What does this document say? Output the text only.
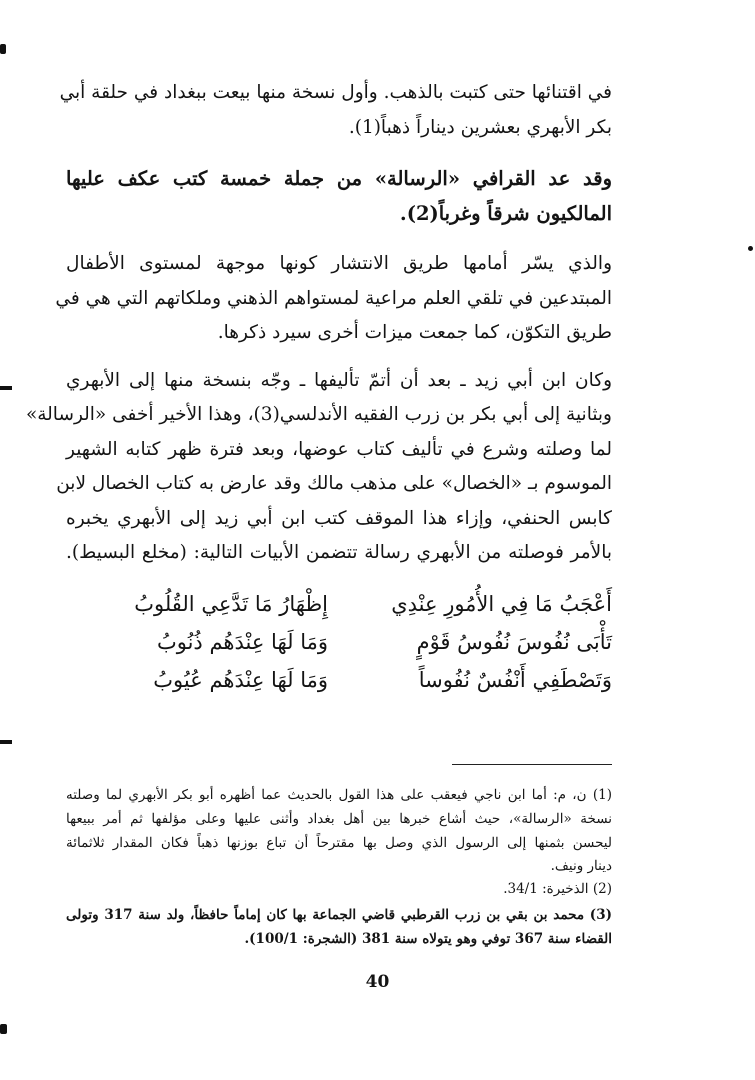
في اقتنائها حتى كتبت بالذهب. وأول نسخة منها بيعت ببغداد في حلقة أبي
بكر الأبهري بعشرين ديناراً ذهباً(1).
وقد عد القرافي «الرسالة» من جملة خمسة كتب عكف عليها
المالكيون شرقاً وغرباً(2).
والذي يسّر أمامها طريق الانتشار كونها موجهة لمستوى الأطفال
المبتدعين في تلقي العلم مراعية لمستواهم الذهني وملكاتهم التي هي في
طريق التكوّن، كما جمعت ميزات أخرى سيرد ذكرها.
وكان ابن أبي زيد ـ بعد أن أتمّ تأليفها ـ وجّه بنسخة منها إلى الأبهري
وبثانية إلى أبي بكر بن زرب الفقيه الأندلسي(3)، وهذا الأخير أخفى «الرسالة»
لما وصلته وشرع في تأليف كتاب عوضها، وبعد فترة ظهر كتابه الشهير
الموسوم بـ «الخصال» على مذهب مالك وقد عارض به كتاب الخصال لابن
كابس الحنفي، وإزاء هذا الموقف كتب ابن أبي زيد إلى الأبهري يخبره
بالأمر فوصلته من الأبهري رسالة تتضمن الأبيات التالية: (مخلع البسيط).
أَعْجَبُ مَا فِي الأُمُورِ عِنْدِي
إِظْهَارُ مَا تَدَّعِي القُلُوبُ
تَأْبَى نُفُوسَ نُفُوسُ قَوْمٍ
وَمَا لَهَا عِنْدَهُم ذُنُوبُ
وَتَصْطَفِي أَنْفُسٌ نُفُوساً
وَمَا لَهَا عِنْدَهُم عُيُوبُ
(1) ن، م: أما ابن ناجي فيعقب على هذا القول بالحديث عما أظهره أبو بكر الأبهري لما وصلته
نسخة «الرسالة»، حيث أشاع خبرها بين أهل بغداد وأثنى عليها وعلى مؤلفها ثم أمر ببيعها
ليحسن بثمنها إلى الرسول الذي وصل بها مقترحاً أن تباع بوزنها ذهباً فكان المقدار ثلاثمائة
دينار ونيف.
(2) الذخيرة: 34/1.
(3) محمد بن بقي بن زرب القرطبي قاضي الجماعة بها كان إماماً حافظاً، ولد سنة 317 وتولى
القضاء سنة 367 توفي وهو يتولاه سنة 381 (الشجرة: 100/1).
40
